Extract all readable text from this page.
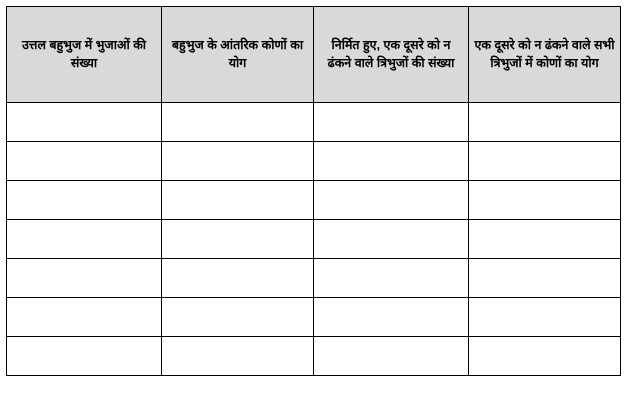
उत्तल बहुभुज में भुजाओं की संख्या	बहुभुज के आंतरिक कोणों का योग	निर्मित हुए, एक दूसरे को न ढंकने वाले त्रिभुजों की संख्या	एक दूसरे को न ढंकने वाले सभी त्रिभुजों में कोणों का योग
